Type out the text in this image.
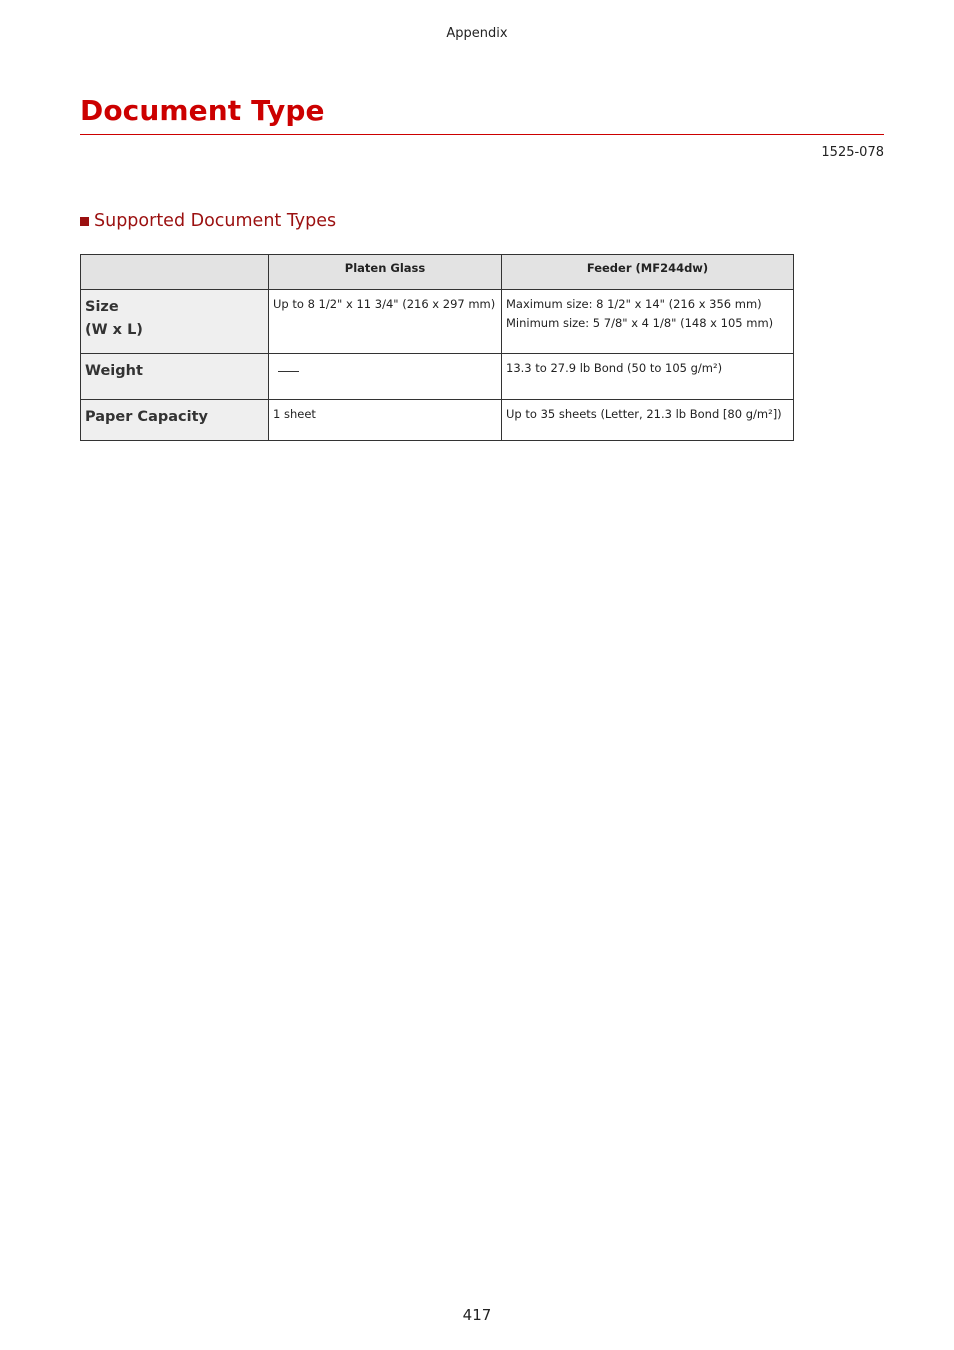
Appendix
Document Type
1525-078
Supported Document Types
	Platen Glass	Feeder (MF244dw)

Size
(W x L)	Up to 8 1/2" x 11 3/4" (216 x 297 mm)	Maximum size: 8 1/2" x 14" (216 x 356 mm)
Minimum size: 5 7/8" x 4 1/8" (148 x 105 mm)

Weight		13.3 to 27.9 lb Bond (50 to 105 g/m²)

Paper Capacity	1 sheet	Up to 35 sheets (Letter, 21.3 lb Bond [80 g/m²])
417
